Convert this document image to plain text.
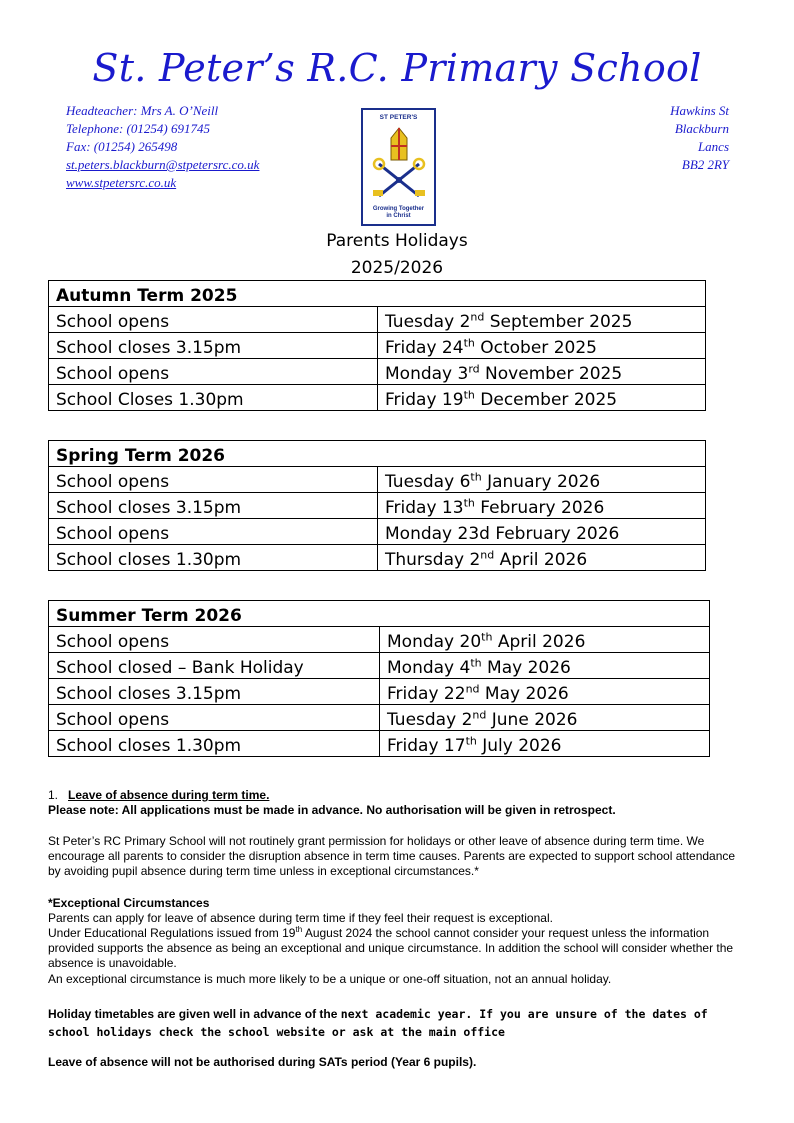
St. Peter’s R.C. Primary School
Headteacher: Mrs A. O’Neill
Telephone: (01254) 691745
Fax: (01254) 265498
st.peters.blackburn@stpetersrc.co.uk
www.stpetersrc.co.uk
Hawkins St
Blackburn
Lancs
BB2 2RY
ST PETER'S
Growing Together
in Christ
Parents Holidays
2025/2026
Autumn Term 2025	
School opens	Tuesday 2nd September 2025
School closes 3.15pm	Friday 24th October 2025
School opens	Monday 3rd November 2025
School Closes 1.30pm	Friday 19th December 2025
Spring Term 2026	
School opens	Tuesday 6th January 2026
School closes 3.15pm	Friday 13th February 2026
School opens	Monday 23d February 2026
School closes 1.30pm	Thursday 2nd April 2026
Summer Term 2026	
School opens	Monday 20th April 2026
School closed – Bank Holiday	Monday 4th May 2026
School closes 3.15pm	Friday 22nd May 2026
School opens	Tuesday 2nd June 2026
School closes 1.30pm	Friday 17th July 2026
1. Leave of absence during term time.
Please note: All applications must be made in advance. No authorisation will be given in retrospect.
St Peter’s RC Primary School will not routinely grant permission for holidays or other leave of absence during term time. We encourage all parents to consider the disruption absence in term time causes. Parents are expected to support school attendance by avoiding pupil absence during term time unless in exceptional circumstances.*
*Exceptional Circumstances
Parents can apply for leave of absence during term time if they feel their request is exceptional.
Under Educational Regulations issued from 19th August 2024 the school cannot consider your request unless the information provided supports the absence as being an exceptional and unique circumstance. In addition the school will consider whether the absence is unavoidable.
An exceptional circumstance is much more likely to be a unique or one-off situation, not an annual holiday.
Holiday timetables are given well in advance of the next academic year. If you are unsure of the dates of school holidays check the school website or ask at the main office
Leave of absence will not be authorised during SATs period (Year 6 pupils).
